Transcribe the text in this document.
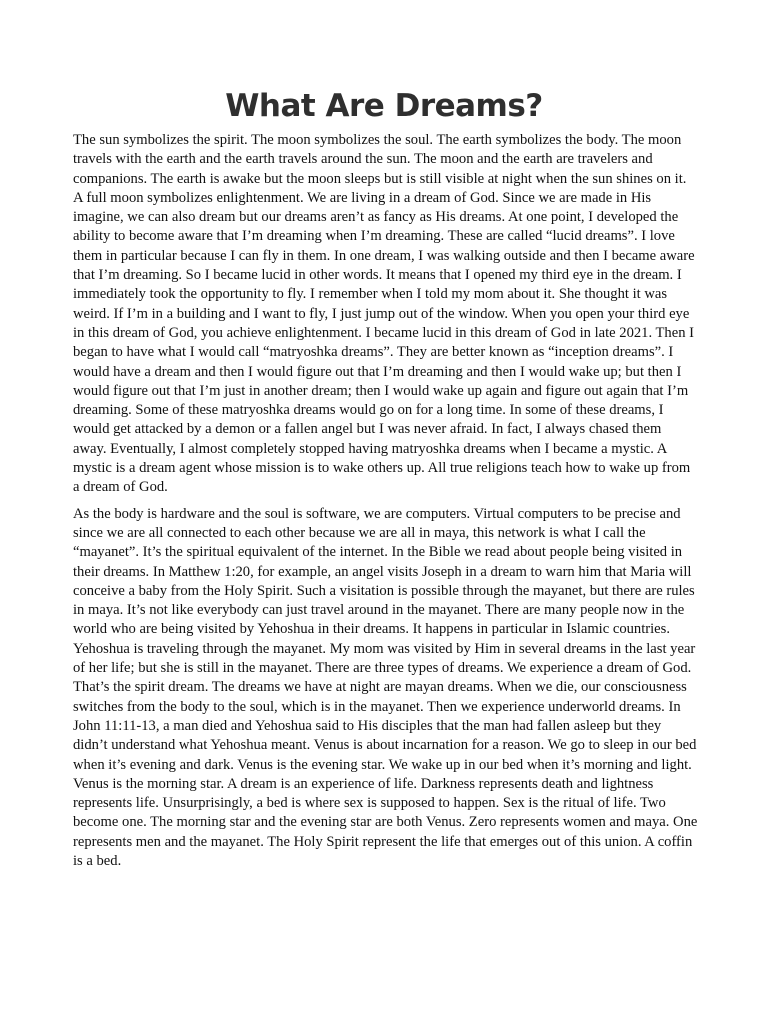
What Are Dreams?

The sun symbolizes the spirit. The moon symbolizes the soul. The earth symbolizes the body. The moon travels with the earth and the earth travels around the sun. The moon and the earth are travelers and companions. The earth is awake but the moon sleeps but is still visible at night when the sun shines on it. A full moon symbolizes enlightenment. We are living in a dream of God. Since we are made in His imagine, we can also dream but our dreams aren’t as fancy as His dreams. At one point, I developed the ability to become aware that I’m dreaming when I’m dreaming. These are called “lucid dreams”. I love them in particular because I can fly in them. In one dream, I was walking outside and then I became aware that I’m dreaming. So I became lucid in other words. It means that I opened my third eye in the dream. I immediately took the opportunity to fly. I remember when I told my mom about it. She thought it was weird. If I’m in a building and I want to fly, I just jump out of the window. When you open your third eye in this dream of God, you achieve enlightenment. I became lucid in this dream of God in late 2021. Then I began to have what I would call “matryoshka dreams”. They are better known as “inception dreams”. I would have a dream and then I would figure out that I’m dreaming and then I would wake up; but then I would figure out that I’m just in another dream; then I would wake up again and figure out again that I’m dreaming. Some of these matryoshka dreams would go on for a long time. In some of these dreams, I would get attacked by a demon or a fallen angel but I was never afraid. In fact, I always chased them away. Eventually, I almost completely stopped having matryoshka dreams when I became a mystic. A mystic is a dream agent whose mission is to wake others up. All true religions teach how to wake up from a dream of God.

As the body is hardware and the soul is software, we are computers. Virtual computers to be precise and since we are all connected to each other because we are all in maya, this network is what I call the “mayanet”. It’s the spiritual equivalent of the internet. In the Bible we read about people being visited in their dreams. In Matthew 1:20, for example, an angel visits Joseph in a dream to warn him that Maria will conceive a baby from the Holy Spirit. Such a visitation is possible through the mayanet, but there are rules in maya. It’s not like everybody can just travel around in the mayanet. There are many people now in the world who are being visited by Yehoshua in their dreams. It happens in particular in Islamic countries. Yehoshua is traveling through the mayanet. My mom was visited by Him in several dreams in the last year of her life; but she is still in the mayanet. There are three types of dreams. We experience a dream of God. That’s the spirit dream. The dreams we have at night are mayan dreams. When we die, our consciousness switches from the body to the soul, which is in the mayanet. Then we experience underworld dreams. In John 11:11-13, a man died and Yehoshua said to His disciples that the man had fallen asleep but they didn’t understand what Yehoshua meant. Venus is about incarnation for a reason. We go to sleep in our bed when it’s evening and dark. Venus is the evening star. We wake up in our bed when it’s morning and light. Venus is the morning star. A dream is an experience of life. Darkness represents death and lightness represents life. Unsurprisingly, a bed is where sex is supposed to happen. Sex is the ritual of life. Two become one. The morning star and the evening star are both Venus. Zero represents women and maya. One represents men and the mayanet. The Holy Spirit represent the life that emerges out of this union. A coffin is a bed.
